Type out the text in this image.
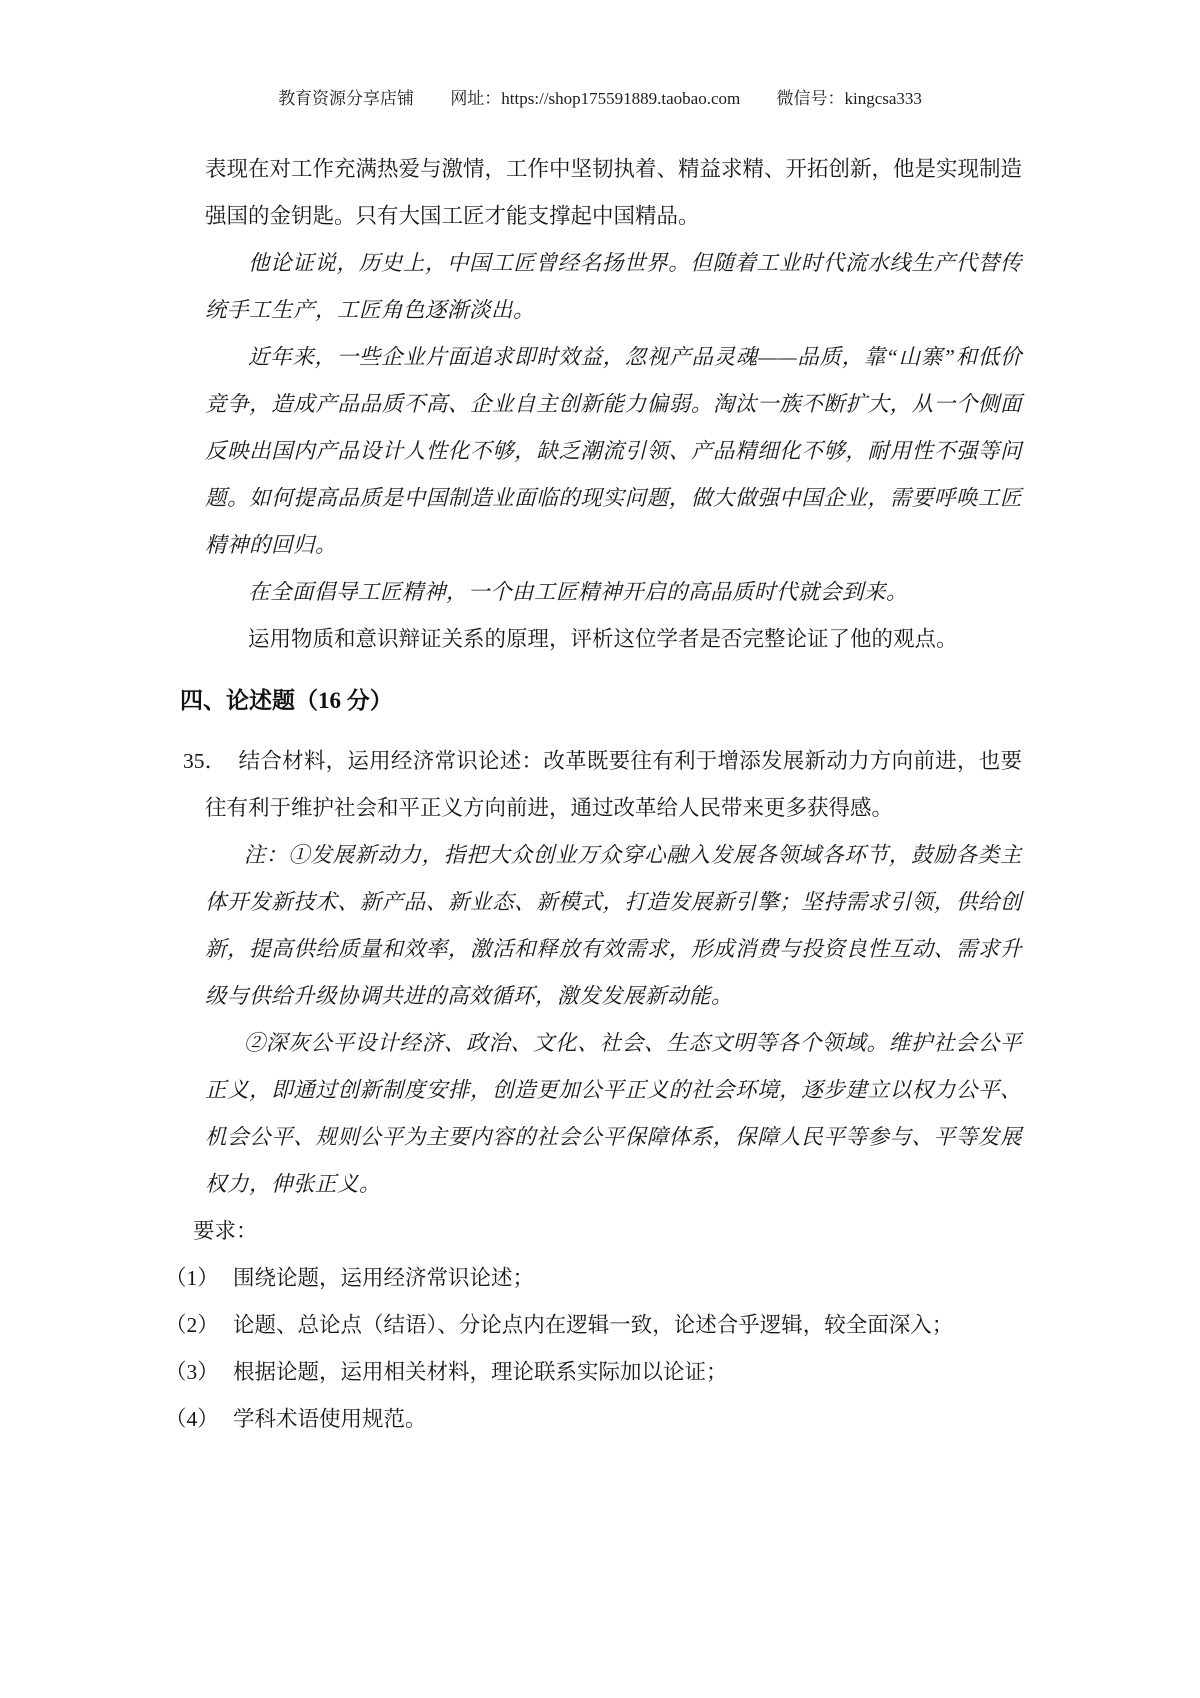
教育资源分享店铺 网址：https://shop175591889.taobao.com 微信号：kingcsa333

表现在对工作充满热爱与激情，工作中坚韧执着、精益求精、开拓创新，他是实现制造强国的金钥匙。只有大国工匠才能支撑起中国精品。

他论证说，历史上，中国工匠曾经名扬世界。但随着工业时代流水线生产代替传统手工生产，工匠角色逐渐淡出。

近年来，一些企业片面追求即时效益，忽视产品灵魂——品质，靠“山寨”和低价竞争，造成产品品质不高、企业自主创新能力偏弱。淘汰一族不断扩大，从一个侧面反映出国内产品设计人性化不够，缺乏潮流引领、产品精细化不够，耐用性不强等问题。如何提高品质是中国制造业面临的现实问题，做大做强中国企业，需要呼唤工匠精神的回归。

在全面倡导工匠精神，一个由工匠精神开启的高品质时代就会到来。

运用物质和意识辩证关系的原理，评析这位学者是否完整论证了他的观点。

四、论述题（16 分）

35． 结合材料，运用经济常识论述：改革既要往有利于增添发展新动力方向前进，也要往有利于维护社会和平正义方向前进，通过改革给人民带来更多获得感。

注：①发展新动力，指把大众创业万众穿心融入发展各领域各环节，鼓励各类主体开发新技术、新产品、新业态、新模式，打造发展新引擎；坚持需求引领，供给创新，提高供给质量和效率，激活和释放有效需求，形成消费与投资良性互动、需求升级与供给升级协调共进的高效循环，激发发展新动能。

②深灰公平设计经济、政治、文化、社会、生态文明等各个领域。维护社会公平正义，即通过创新制度安排，创造更加公平正义的社会环境，逐步建立以权力公平、机会公平、规则公平为主要内容的社会公平保障体系，保障人民平等参与、平等发展权力，伸张正义。

要求：

（1） 围绕论题，运用经济常识论述；
（2） 论题、总论点（结语）、分论点内在逻辑一致，论述合乎逻辑，较全面深入；
（3） 根据论题，运用相关材料，理论联系实际加以论证；
（4） 学科术语使用规范。
